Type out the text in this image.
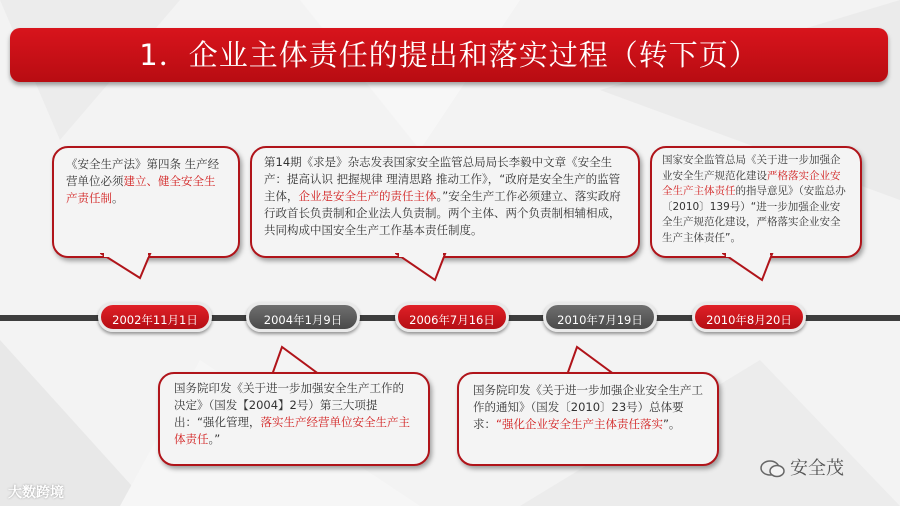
1．企业主体责任的提出和落实过程（转下页）
《安全生产法》第四条 生产经营单位必须建立、健全安全生产责任制。
第14期《求是》杂志发表国家安全监管总局局长李毅中文章《安全生产：提高认识 把握规律 理清思路 推动工作》，“政府是安全生产的监管主体，企业是安全生产的责任主体。”安全生产工作必须建立、落实政府行政首长负责制和企业法人负责制。两个主体、两个负责制相辅相成，共同构成中国安全生产工作基本责任制度。
国家安全监管总局《关于进一步加强企业安全生产规范化建设严格落实企业安全生产主体责任的指导意见》（安监总办〔2010〕139号）“进一步加强企业安全生产规范化建设，严格落实企业安全生产主体责任”。
2002年11月1日	2004年1月9日	2006年7月16日	2010年7月19日	2010年8月20日
国务院印发《关于进一步加强安全生产工作的决定》（国发【2004】2号）第三大项提出：“强化管理，落实生产经营单位安全生产主体责任。”
国务院印发《关于进一步加强企业安全生产工作的通知》（国发〔2010〕23号）总体要求：“强化企业安全生产主体责任落实”。
大数跨境
安全茂
